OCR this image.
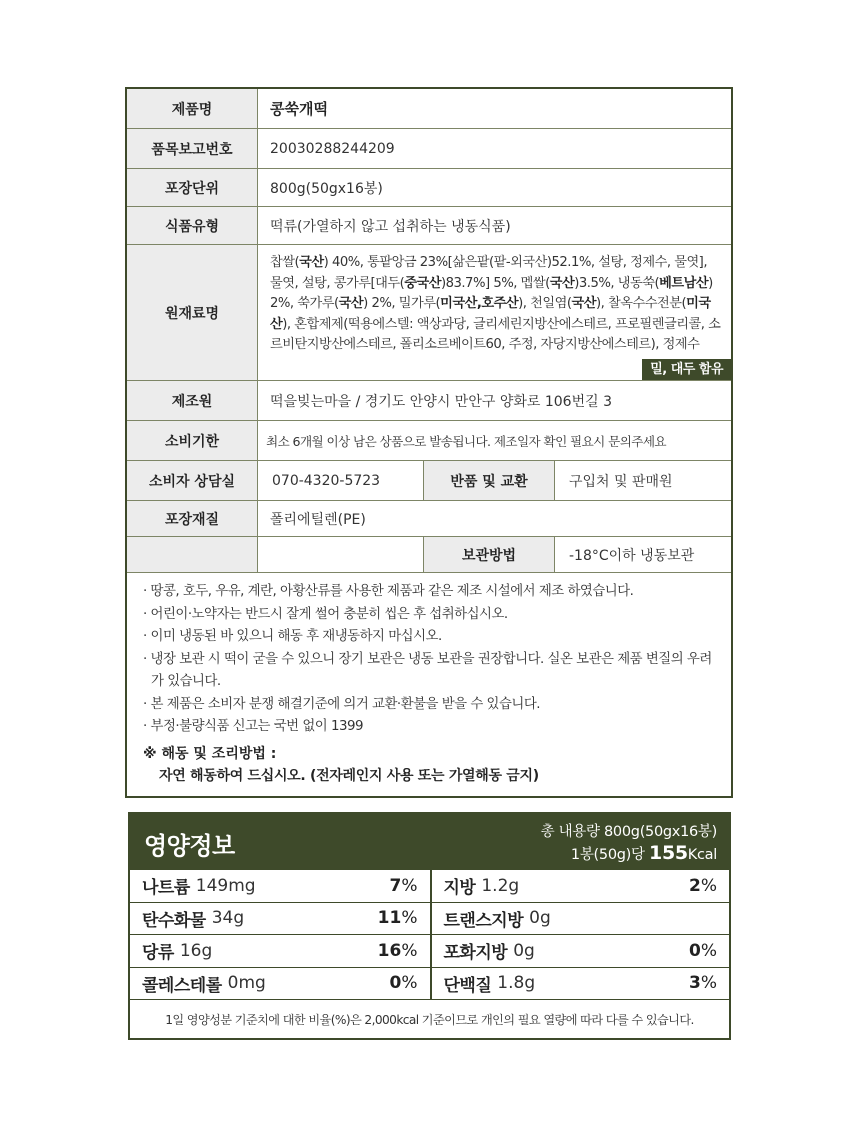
제품명	콩쑥개떡
품목보고번호	20030288244209
포장단위	800g(50gx16봉)
식품유형	떡류(가열하지 않고 섭취하는 냉동식품)
원재료명
찹쌀(국산) 40%, 통팥앙금 23%[삶은팥(팥-외국산)52.1%, 설탕, 정제수, 물엿], 물엿, 설탕, 콩가루[대두(중국산)83.7%] 5%, 멥쌀(국산)3.5%, 냉동쑥(베트남산) 2%, 쑥가루(국산) 2%, 밀가루(미국산,호주산), 천일염(국산), 찰옥수수전분(미국산), 혼합제제(떡용에스텔: 액상과당, 글리세린지방산에스테르, 프로필렌글리콜, 소르비탄지방산에스테르, 폴리소르베이트60, 주정, 자당지방산에스테르), 정제수
밀, 대두 함유
제조원	떡을빚는마을 / 경기도 안양시 만안구 양화로 106번길 3
소비기한	최소 6개월 이상 남은 상품으로 발송됩니다. 제조일자 확인 필요시 문의주세요
소비자 상담실	070-4320-5723	반품 및 교환	구입처 및 판매원
포장재질	폴리에틸렌(PE)
보관방법	-18°C이하 냉동보관
· 땅콩, 호두, 우유, 계란, 아황산류를 사용한 제품과 같은 제조 시설에서 제조 하였습니다.
· 어린이·노약자는 반드시 잘게 썰어 충분히 씹은 후 섭취하십시오.
· 이미 냉동된 바 있으니 해동 후 재냉동하지 마십시오.
· 냉장 보관 시 떡이 굳을 수 있으니 장기 보관은 냉동 보관을 권장합니다. 실온 보관은 제품 변질의 우려가 있습니다.
· 본 제품은 소비자 분쟁 해결기준에 의거 교환·환불을 받을 수 있습니다.
· 부정·불량식품 신고는 국번 없이 1399
※ 해동 및 조리방법 :
자연 해동하여 드십시오. (전자레인지 사용 또는 가열해동 금지)
영양정보	총 내용량 800g(50gx16봉)
1봉(50g)당 155Kcal
나트륨 149mg	7% 지방 1.2g	2%
탄수화물 34g	11% 트랜스지방 0g
당류 16g	16% 포화지방 0g	0%
콜레스테롤 0mg	0% 단백질 1.8g	3%
1일 영양성분 기준치에 대한 비율(%)은 2,000kcal 기준이므로 개인의 필요 열량에 따라 다를 수 있습니다.
